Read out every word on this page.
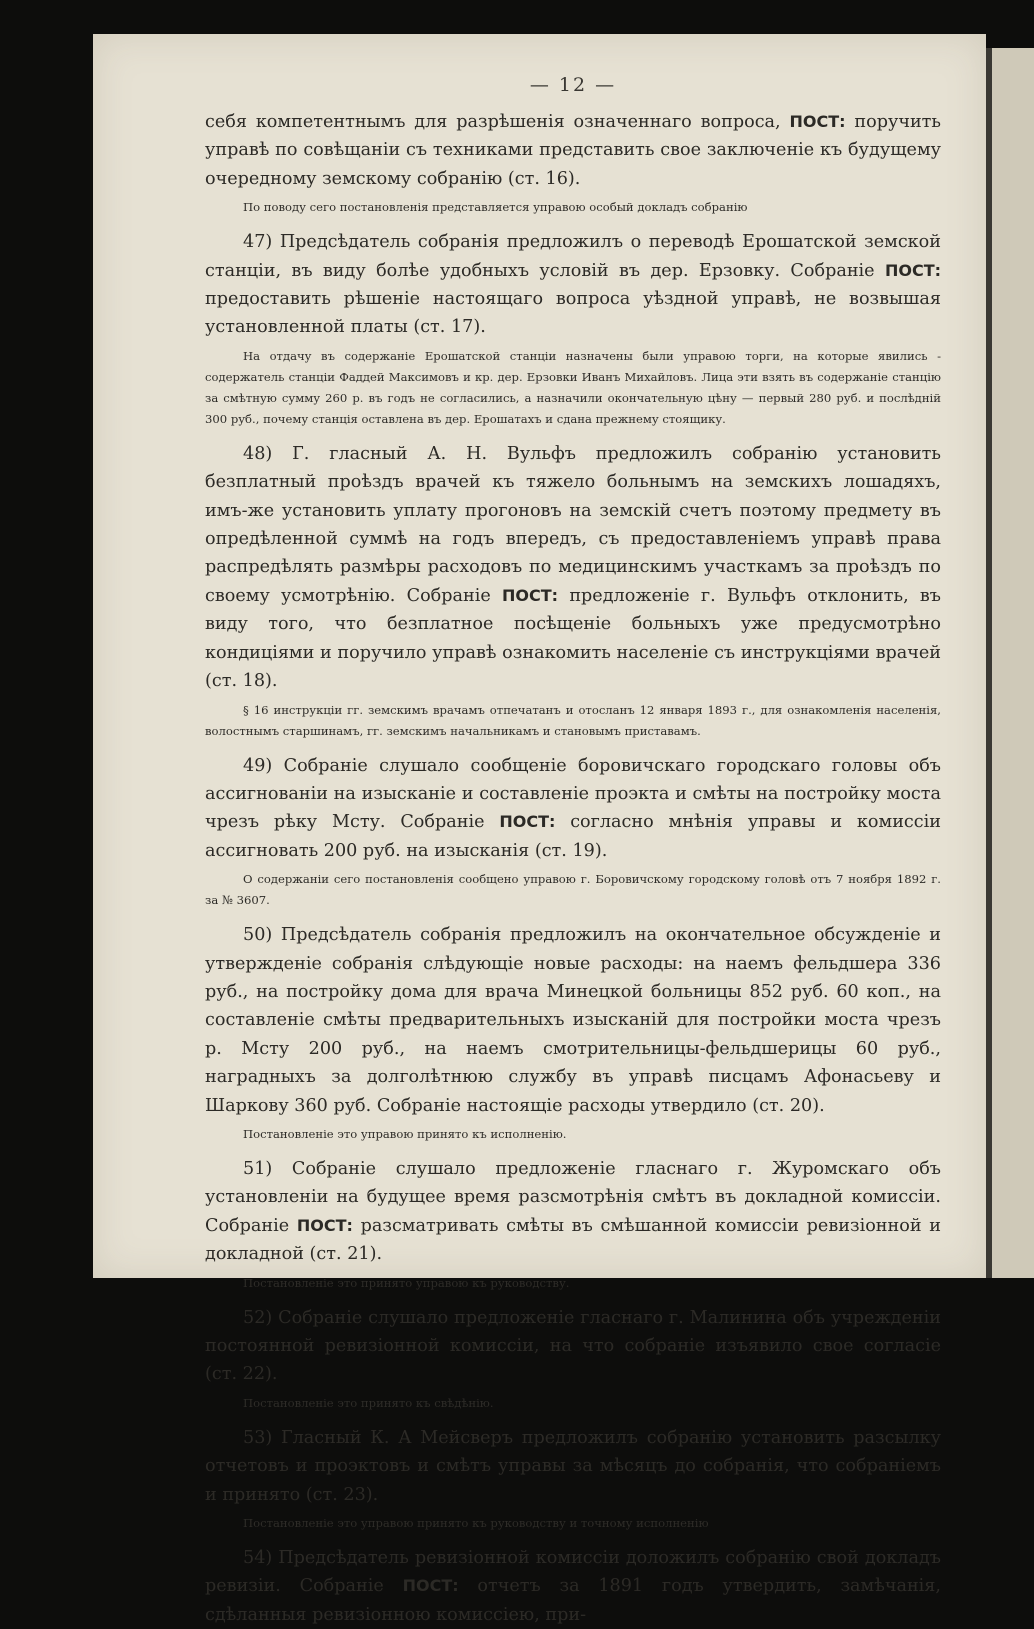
— 12 —

себя компетентнымъ для разрѣшенія означеннаго вопроса, ПОСТ: поручить управѣ по совѣщаніи съ техниками представить свое заключеніе къ будущему очередному земскому собранію (ст. 16).

По поводу сего постановленія представляется управою особый докладъ собранію

47) Предсѣдатель собранія предложилъ о переводѣ Ерошатской земской станціи, въ виду болѣе удобныхъ условій въ дер. Ерзовку. Собраніе ПОСТ: предоставить рѣшеніе настоящаго вопроса уѣздной управѣ, не возвышая установленной платы (ст. 17).

На отдачу въ содержаніе Ерошатской станціи назначены были управою торги, на которые явились - содержатель станціи Фаддей Максимовъ и кр. дер. Ерзовки Иванъ Михайловъ. Лица эти взять въ содержаніе станцію за смѣтную сумму 260 р. въ годъ не согласились, а назначили окончательную цѣну — первый 280 руб. и послѣдній 300 руб., почему станція оставлена въ дер. Ерошатахъ и сдана прежнему стоящику.

48) Г. гласный А. Н. Вульфъ предложилъ собранію установить безплатный проѣздъ врачей къ тяжело больнымъ на земскихъ лошадяхъ, имъ-же установить уплату прогоновъ на земскій счетъ поэтому предмету въ опредѣленной суммѣ на годъ впередъ, съ предоставленіемъ управѣ права распредѣлять размѣры расходовъ по медицинскимъ участкамъ за проѣздъ по своему усмотрѣнію. Собраніе ПОСТ: предложеніе г. Вульфъ отклонить, въ виду того, что безплатное посѣщеніе больныхъ уже предусмотрѣно кондиціями и поручило управѣ ознакомить населеніе съ инструкціями врачей (ст. 18).

§ 16 инструкціи гг. земскимъ врачамъ отпечатанъ и отосланъ 12 января 1893 г., для ознакомленія населенія, волостнымъ старшинамъ, гг. земскимъ начальникамъ и становымъ приставамъ.

49) Собраніе слушало сообщеніе боровичскаго городскаго головы объ ассигнованіи на изысканіе и составленіе проэкта и смѣты на постройку моста чрезъ рѣку Мсту. Собраніе ПОСТ: согласно мнѣнія управы и комиссіи ассигновать 200 руб. на изысканія (ст. 19).

О содержаніи сего постановленія сообщено управою г. Боровичскому городскому головѣ отъ 7 ноября 1892 г. за № 3607.

50) Предсѣдатель собранія предложилъ на окончательное обсужденіе и утвержденіе собранія слѣдующіе новые расходы: на наемъ фельдшера 336 руб., на постройку дома для врача Минецкой больницы 852 руб. 60 коп., на составленіе смѣты предварительныхъ изысканій для постройки моста чрезъ р. Мсту 200 руб., на наемъ смотрительницы-фельдшерицы 60 руб., наградныхъ за долголѣтнюю службу въ управѣ писцамъ Афонасьеву и Шаркову 360 руб. Собраніе настоящіе расходы утвердило (ст. 20).

Постановленіе это управою принято къ исполненію.

51) Собраніе слушало предложеніе гласнаго г. Журомскаго объ установленіи на будущее время разсмотрѣнія смѣтъ въ докладной комиссіи. Собраніе ПОСТ: разсматривать смѣты въ смѣшанной комиссіи ревизіонной и докладной (ст. 21).

Постановленіе это принято управою къ руководству.

52) Собраніе слушало предложеніе гласнаго г. Малинина объ учрежденіи постоянной ревизіонной комиссіи, на что собраніе изъявило свое согласіе (ст. 22).

Постановленіе это принято къ свѣдѣнію.

53) Гласный К. А Мейсверъ предложилъ собранію установить разсылку отчетовъ и проэктовъ и смѣтъ управы за мѣсяцъ до собранія, что собраніемъ и принято (ст. 23).

Постановленіе это управою принято къ руководству и точному исполненію

54) Предсѣдатель ревизіонной комиссіи доложилъ собранію свой докладъ ревизіи. Собраніе ПОСТ: отчетъ за 1891 годъ утвердить, замѣчанія, сдѣланныя ревизіонною комиссіею, при-
